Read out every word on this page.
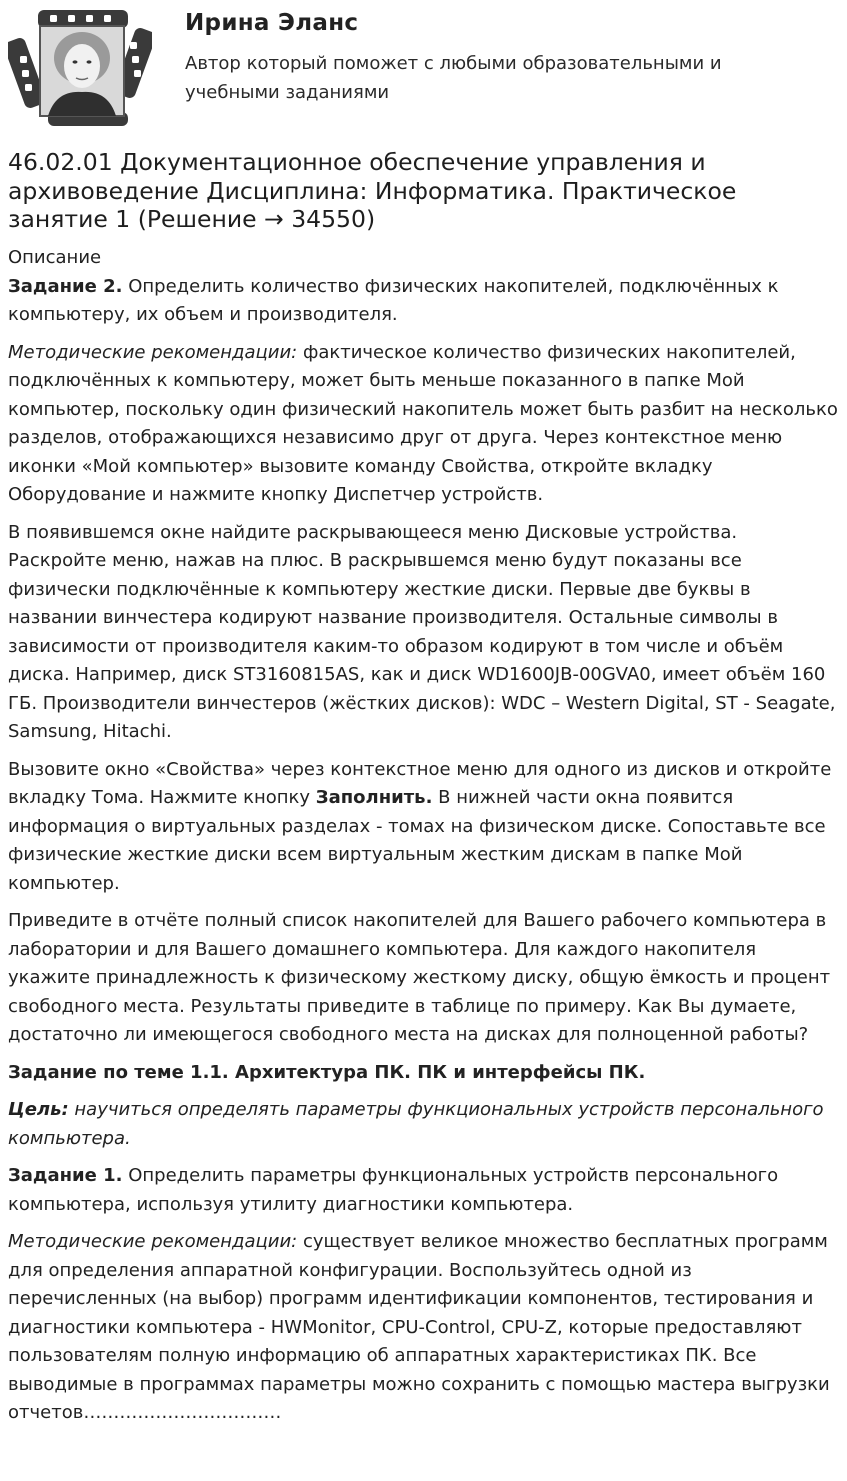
Ирина Эланс
Автор который поможет с любыми образовательными и учебными заданиями
46.02.01 Документационное обеспечение управления и архивоведение Дисциплина: Информатика. Практическое занятие 1 (Решение → 34550)

Описание

Задание 2. Определить количество физических накопителей, подключённых к компьютеру, их объем и производителя.

Методические рекомендации: фактическое количество физических накопителей, подключённых к компьютеру, может быть меньше показанного в папке Мой компьютер, поскольку один физический накопитель может быть разбит на несколько разделов, отображающихся независимо друг от друга. Через контекстное меню иконки «Мой компьютер» вызовите команду Свойства, откройте вкладку Оборудование и нажмите кнопку Диспетчер устройств.

В появившемся окне найдите раскрывающееся меню Дисковые устройства. Раскройте меню, нажав на плюс. В раскрывшемся меню будут показаны все физически подключённые к компьютеру жесткие диски. Первые две буквы в названии винчестера кодируют название производителя. Остальные символы в зависимости от производителя каким-то образом кодируют в том числе и объём диска. Например, диск ST3160815AS, как и диск WD1600JB-00GVA0, имеет объём 160 ГБ. Производители винчестеров (жёстких дисков): WDC – Western Digital, ST - Seagate, Samsung, Hitachi.

Вызовите окно «Свойства» через контекстное меню для одного из дисков и откройте вкладку Тома. Нажмите кнопку Заполнить. В нижней части окна появится информация о виртуальных разделах - томах на физическом диске. Сопоставьте все физические жесткие диски всем виртуальным жестким дискам в папке Мой компьютер.

Приведите в отчёте полный список накопителей для Вашего рабочего компьютера в лаборатории и для Вашего домашнего компьютера. Для каждого накопителя укажите принадлежность к физическому жесткому диску, общую ёмкость и процент свободного места. Результаты приведите в таблице по примеру. Как Вы думаете, достаточно ли имеющегося свободного места на дисках для полноценной работы?

Задание по теме 1.1. Архитектура ПК. ПК и интерфейсы ПК.

Цель: научиться определять параметры функциональных устройств персонального компьютера.

Задание 1. Определить параметры функциональных устройств персонального компьютера, используя утилиту диагностики компьютера.

Методические рекомендации: существует великое множество бесплатных программ для определения аппаратной конфигурации. Воспользуйтесь одной из перечисленных (на выбор) программ идентификации компонентов, тестирования и диагностики компьютера - HWMonitor, CPU-Control, CPU-Z, которые предоставляют пользователям полную информацию об аппаратных характеристиках ПК. Все выводимые в программах параметры можно сохранить с помощью мастера выгрузки отчетов……………………………
